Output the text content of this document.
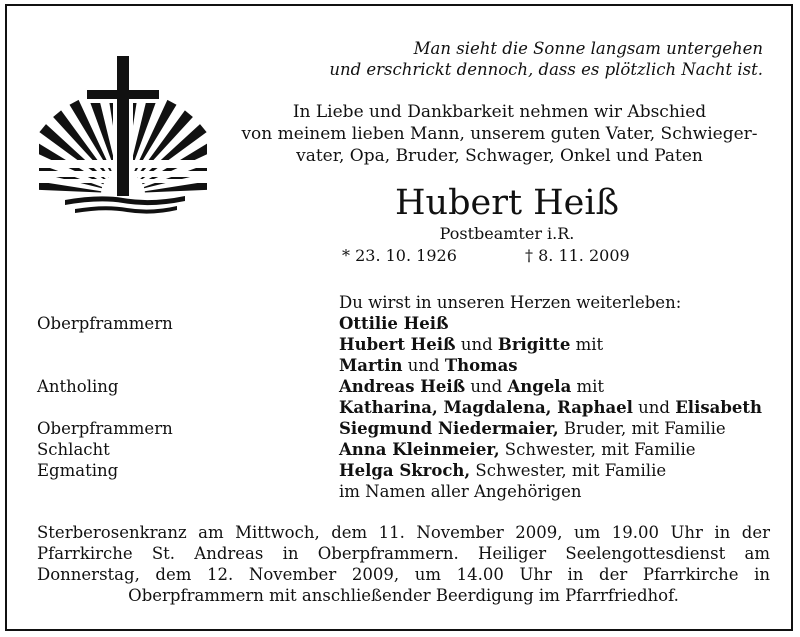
Man sieht die Sonne langsam untergehen
und erschrickt dennoch, dass es plötzlich Nacht ist.
In Liebe und Dankbarkeit nehmen wir Abschied
von meinem lieben Mann, unserem guten Vater, Schwieger-
vater, Opa, Bruder, Schwager, Onkel und Paten
Hubert Heiß
Postbeamter i.R.
* 23. 10. 1926	† 8. 11. 2009
Du wirst in unseren Herzen weiterleben:
Oberpframmern	Ottilie Heiß
Hubert Heiß und Brigitte mit
Martin und Thomas
Antholing	Andreas Heiß und Angela mit
Katharina, Magdalena, Raphael und Elisabeth
Oberpframmern	Siegmund Niedermaier, Bruder, mit Familie
Schlacht	Anna Kleinmeier, Schwester, mit Familie
Egmating	Helga Skroch, Schwester, mit Familie
im Namen aller Angehörigen
Sterberosenkranz am Mittwoch, dem 11. November 2009, um 19.00 Uhr in der Pfarrkirche St. Andreas in Oberpframmern. Heiliger Seelengottesdienst am Donnerstag, dem 12. November 2009, um 14.00 Uhr in der Pfarrkirche in Oberpframmern mit anschließender Beerdigung im Pfarrfriedhof.
